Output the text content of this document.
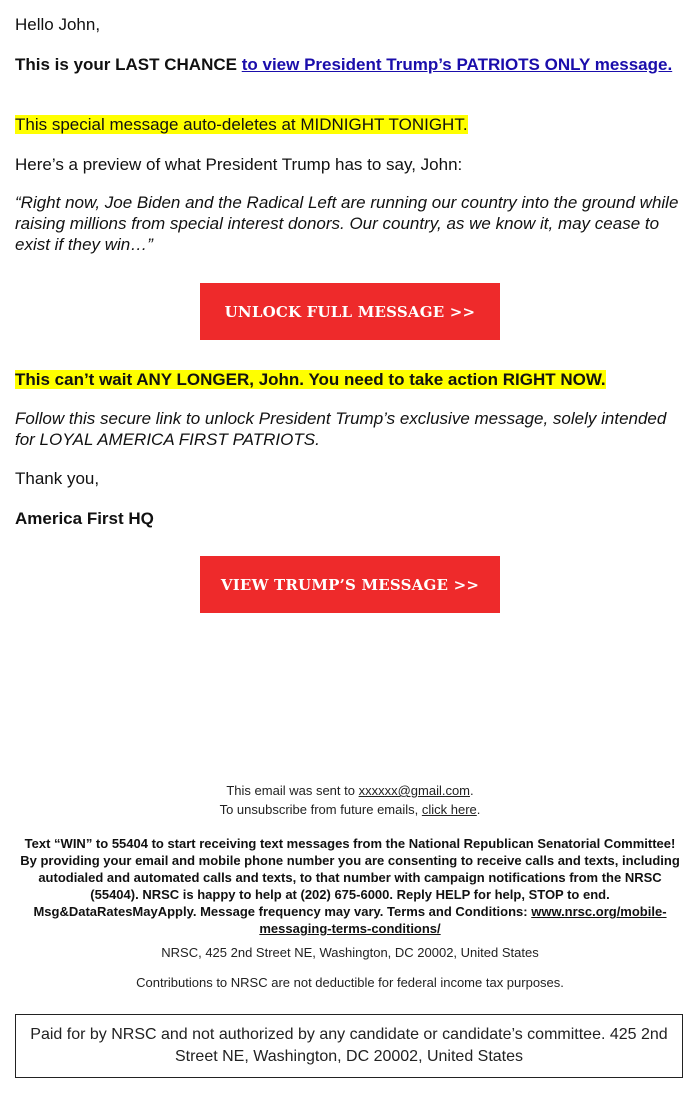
Hello John,

This is your LAST CHANCE to view President Trump’s PATRIOTS ONLY message.

This special message auto-deletes at MIDNIGHT TONIGHT.

Here’s a preview of what President Trump has to say, John:

“Right now, Joe Biden and the Radical Left are running our country into the ground while raising millions from special interest donors. Our country, as we know it, may cease to exist if they win…”

UNLOCK FULL MESSAGE >>

This can’t wait ANY LONGER, John. You need to take action RIGHT NOW.

Follow this secure link to unlock President Trump’s exclusive message, solely intended for LOYAL AMERICA FIRST PATRIOTS.

Thank you,

America First HQ

VIEW TRUMP’S MESSAGE >>
This email was sent to xxxxxx@gmail.com.
To unsubscribe from future emails, click here.
Text “WIN” to 55404 to start receiving text messages from the National Republican Senatorial Committee! By providing your email and mobile phone number you are consenting to receive calls and texts, including autodialed and automated calls and texts, to that number with campaign notifications from the NRSC (55404). NRSC is happy to help at (202) 675-6000. Reply HELP for help, STOP to end. Msg&DataRatesMayApply. Message frequency may vary. Terms and Conditions: www.nrsc.org/mobile-messaging-terms-conditions/
NRSC, 425 2nd Street NE, Washington, DC 20002, United States
Contributions to NRSC are not deductible for federal income tax purposes.
Paid for by NRSC and not authorized by any candidate or candidate’s committee. 425 2nd Street NE, Washington, DC 20002, United States
